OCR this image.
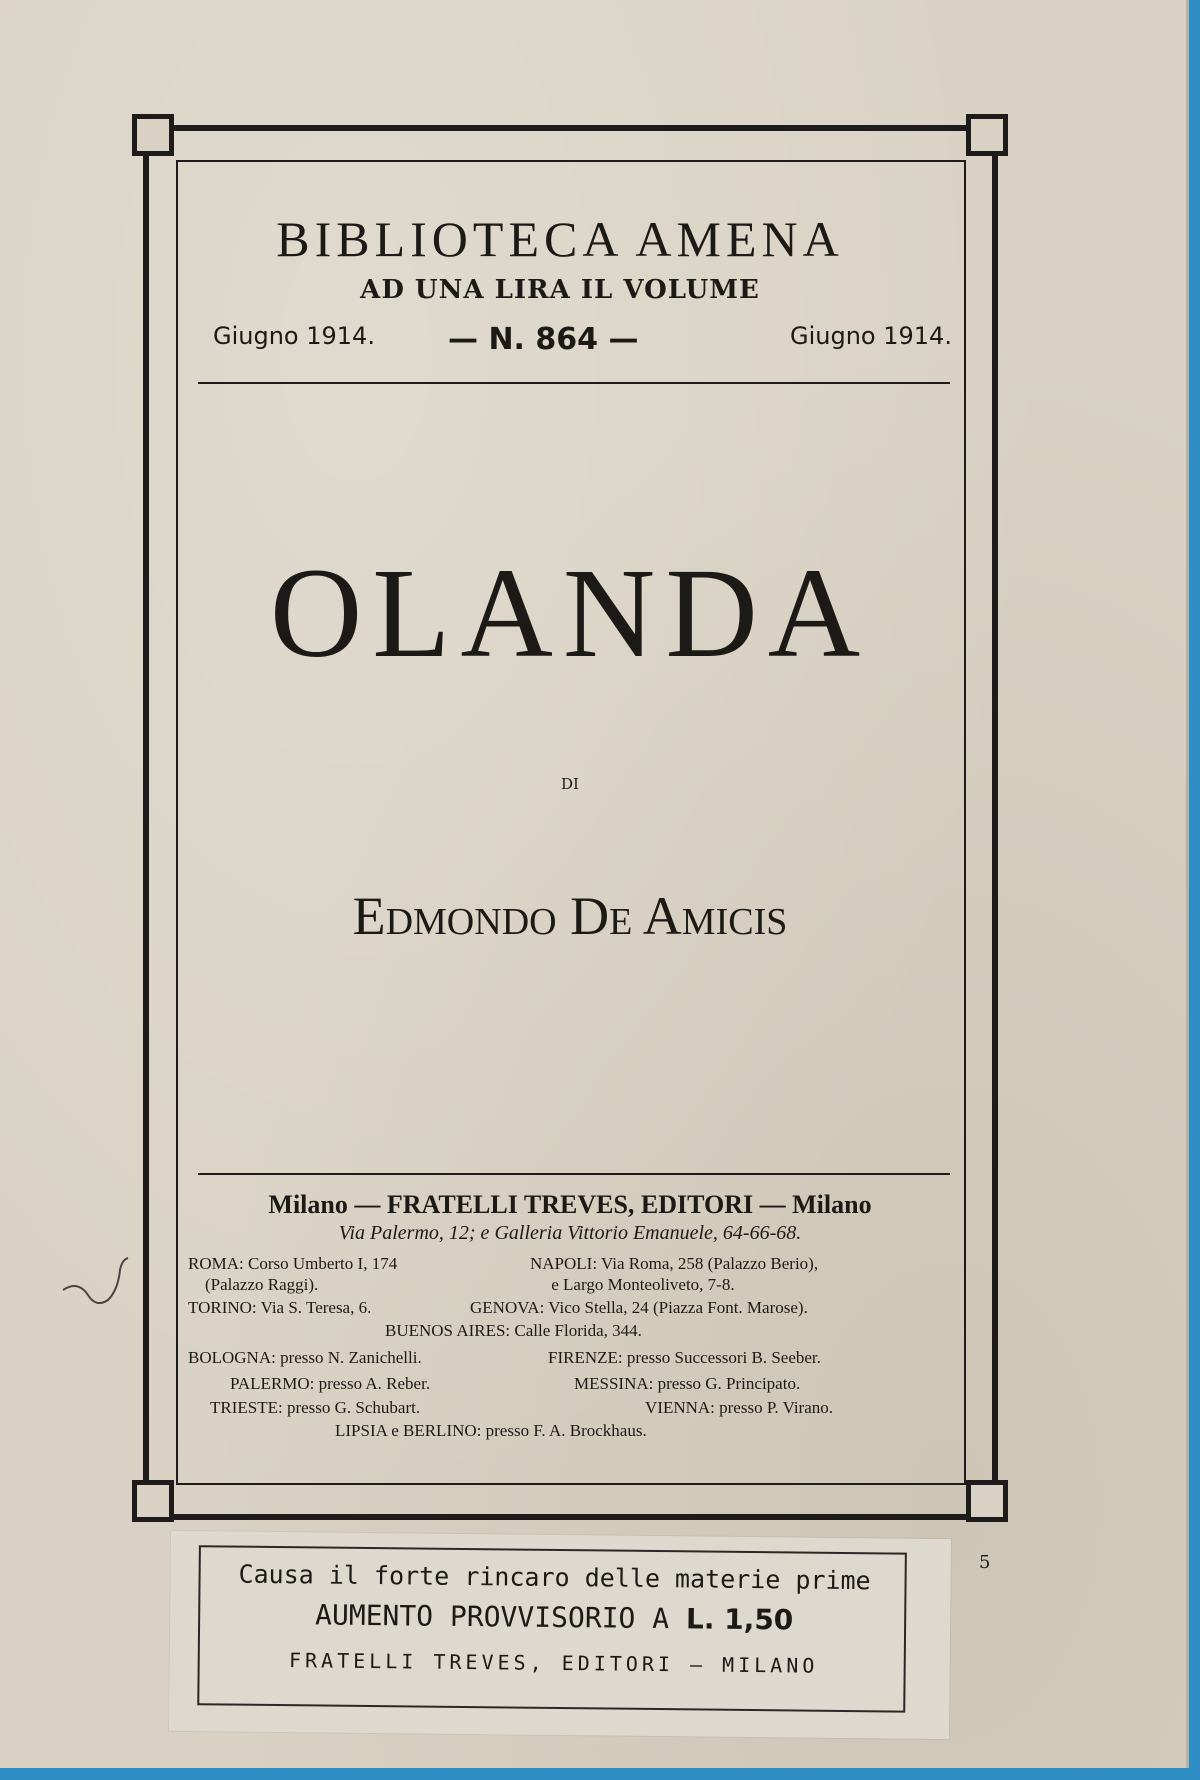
BIBLIOTECA AMENA
AD UNA LIRA IL VOLUME
Giugno 1914. — N. 864 —	Giugno 1914.
OLANDA
DI
Edmondo De Amicis
Milano — FRATELLI TREVES, EDITORI — Milano
Via Palermo, 12; e Galleria Vittorio Emanuele, 64-66-68.
ROMA: Corso Umberto I, 174
(Palazzo Raggi).
NAPOLI: Via Roma, 258 (Palazzo Berio),
e Largo Monteoliveto, 7-8.
TORINO: Via S. Teresa, 6.	GENOVA: Vico Stella, 24 (Piazza Font. Marose).
BUENOS AIRES: Calle Florida, 344.
BOLOGNA: presso N. Zanichelli.	FIRENZE: presso Successori B. Seeber.
PALERMO: presso A. Reber.	MESSINA: presso G. Principato.
TRIESTE: presso G. Schubart.	VIENNA: presso P. Virano.
LIPSIA e BERLINO: presso F. A. Brockhaus.
5
Causa il forte rincaro delle materie prime
AUMENTO PROVVISORIO A L. 1,50
FRATELLI TREVES, EDITORI — MILANO
